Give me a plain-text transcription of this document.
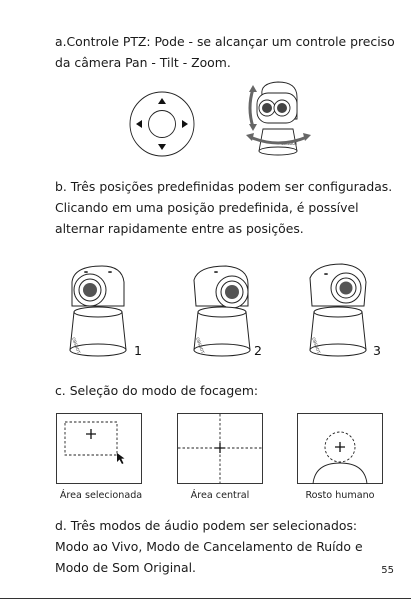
a.Controle PTZ: Pode - se alcançar um controle preciso
da câmera Pan - Tilt - Zoom.
OBSBOT
b. Três posições predefinidas podem ser configuradas.
Clicando em uma posição predefinida, é possível
alternar rapidamente entre as posições.
OBSBOT	1	OBSBOT	2	OBSBOT	3
c. Seleção do modo de focagem:
Área selecionada	Área central	Rosto humano
d. Três modos de áudio podem ser selecionados:
Modo ao Vivo, Modo de Cancelamento de Ruído e
Modo de Som Original.	55
